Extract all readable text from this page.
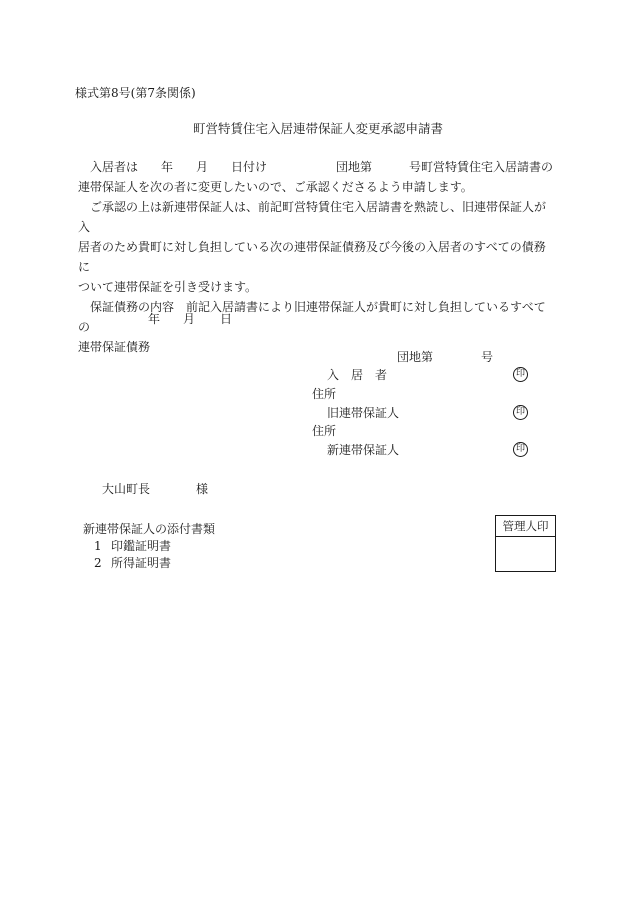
様式第8号(第7条関係)
町営特賃住宅入居連帯保証人変更承認申請書
入居者は 年 月 日付け	団地第	号町営特賃住宅入居請書の

連帯保証人を次の者に変更したいので、ご承認くださるよう申請します。

ご承認の上は新連帯保証人は、前記町営特賃住宅入居請書を熟読し、旧連帯保証人が入

居者のため貴町に対し負担している次の連帯保証債務及び今後の入居者のすべての債務に

ついて連帯保証を引き受けます。

保証債務の内容　前記入居請書により旧連帯保証人が貴町に対し負担しているすべての

連帯保証債務

年 月 日
団地第	号
入　居　者	印
住所
旧連帯保証人	印
住所
新連帯保証人	印
大山町長	様
新連帯保証人の添付書類
1 印鑑証明書
2 所得証明書
管理人印
